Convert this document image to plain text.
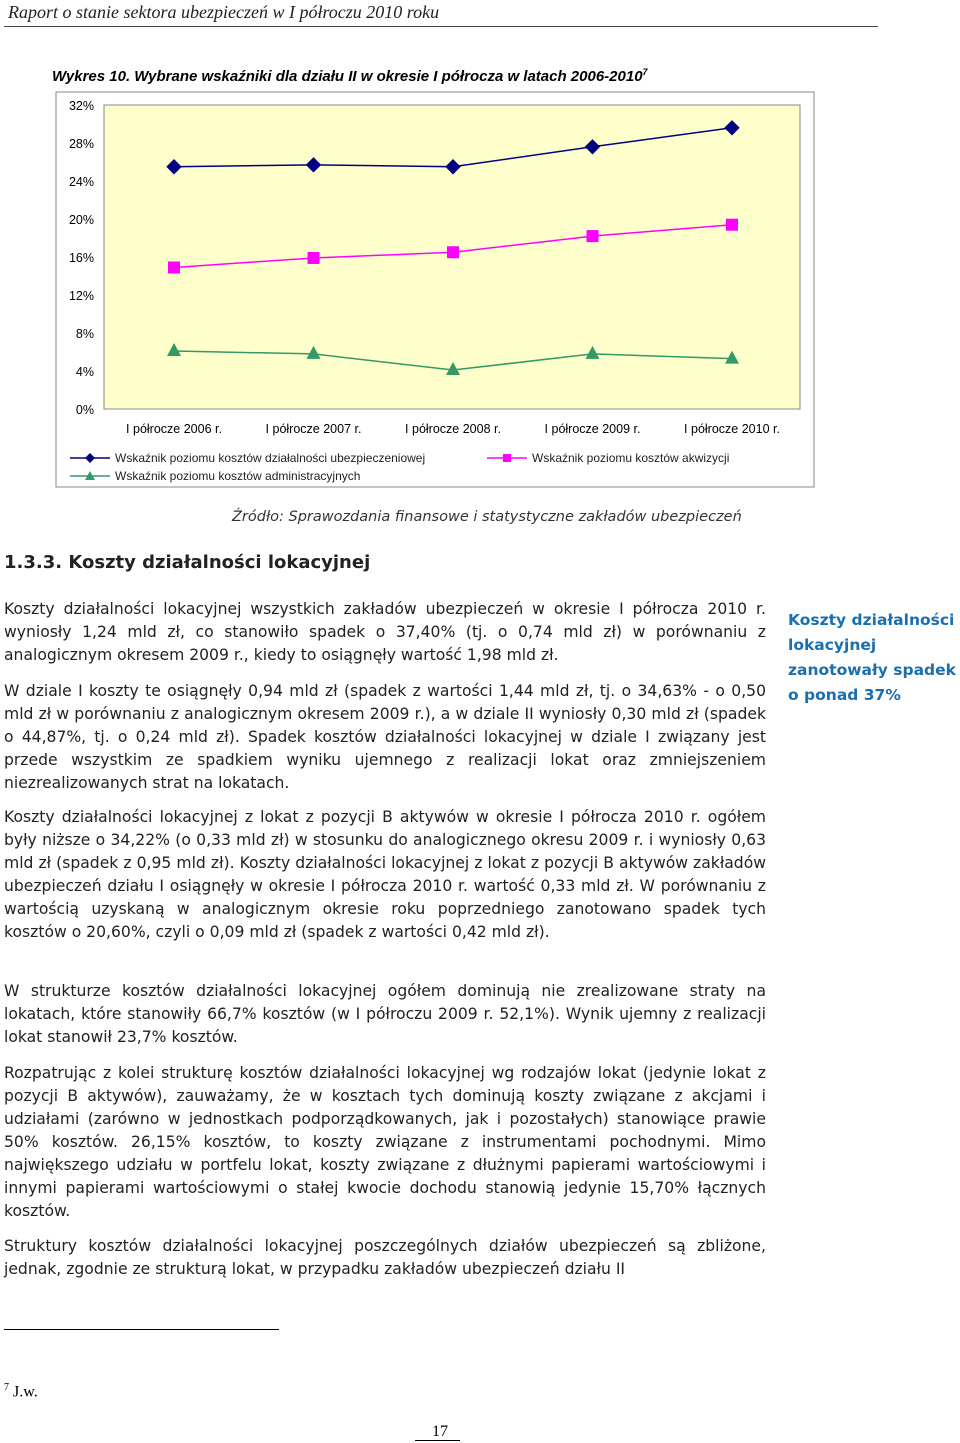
Raport o stanie sektora ubezpieczeń w I półroczu 2010 roku
Wykres 10. Wybrane wskaźniki dla działu II w okresie I półrocza w latach 2006-2010$^7$
0%
4%
8%
12%
16%
20%
24%
28%
32%
I półrocze 2006 r.	I półrocze 2007 r.	I półrocze 2008 r.	I półrocze 2009 r.	I półrocze 2010 r.
Wskaźnik poziomu kosztów działalności ubezpieczeniowej	Wskaźnik poziomu kosztów akwizycji
Wskaźnik poziomu kosztów administracyjnych
Źródło: Sprawozdania finansowe i statystyczne zakładów ubezpieczeń
1.3.3. Koszty działalności lokacyjnej

Koszty działalności lokacyjnej wszystkich zakładów ubezpieczeń w okresie I półrocza 2010 r. wyniosły 1,24 mld zł, co stanowiło spadek o 37,40% (tj. o 0,74 mld zł) w porównaniu z analogicznym okresem 2009 r., kiedy to osiągnęły wartość 1,98 mld zł.

W dziale I koszty te osiągnęły 0,94 mld zł (spadek z wartości 1,44 mld zł, tj. o 34,63% - o 0,50 mld zł w porównaniu z analogicznym okresem 2009 r.), a w dziale II wyniosły 0,30 mld zł (spadek o 44,87%, tj. o 0,24 mld zł). Spadek kosztów działalności lokacyjnej w dziale I związany jest przede wszystkim ze spadkiem wyniku ujemnego z realizacji lokat oraz zmniejszeniem niezrealizowanych strat na lokatach.

Koszty działalności lokacyjnej z lokat z pozycji B aktywów w okresie I półrocza 2010 r. ogółem były niższe o 34,22% (o 0,33 mld zł) w stosunku do analogicznego okresu 2009 r. i wyniosły 0,63 mld zł (spadek z 0,95 mld zł). Koszty działalności lokacyjnej z lokat z pozycji B aktywów zakładów ubezpieczeń działu I osiągnęły w okresie I półrocza 2010 r. wartość 0,33 mld zł. W porównaniu z wartością uzyskaną w analogicznym okresie roku poprzedniego zanotowano spadek tych kosztów o 20,60%, czyli o 0,09 mld zł (spadek z wartości 0,42 mld zł).

W strukturze kosztów działalności lokacyjnej ogółem dominują nie zrealizowane straty na lokatach, które stanowiły 66,7% kosztów (w I półroczu 2009 r. 52,1%). Wynik ujemny z realizacji lokat stanowił 23,7% kosztów.

Rozpatrując z kolei strukturę kosztów działalności lokacyjnej wg rodzajów lokat (jedynie lokat z pozycji B aktywów), zauważamy, że w kosztach tych dominują koszty związane z akcjami i udziałami (zarówno w jednostkach podporządkowanych, jak i pozostałych) stanowiące prawie 50% kosztów. 26,15% kosztów, to koszty związane z instrumentami pochodnymi. Mimo największego udziału w portfelu lokat, koszty związane z dłużnymi papierami wartościowymi i innymi papierami wartościowymi o stałej kwocie dochodu stanowią jedynie 15,70% łącznych kosztów.

Struktury kosztów działalności lokacyjnej poszczególnych działów ubezpieczeń są zbliżone, jednak, zgodnie ze strukturą lokat, w przypadku zakładów ubezpieczeń działu II

Koszty działalności lokacyjnej zanotowały spadek o ponad 37%
$^7$ J.w.
17
